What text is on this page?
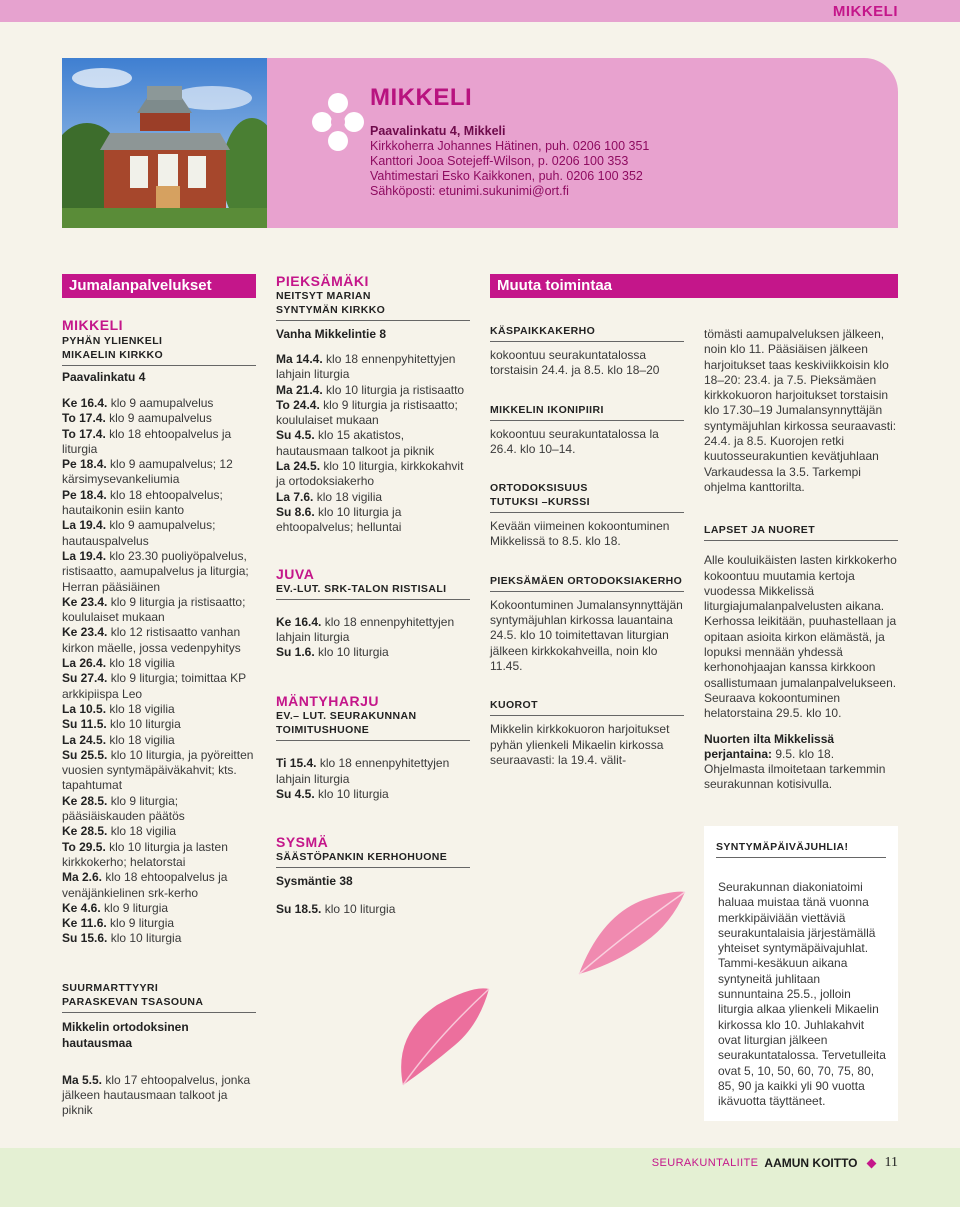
MIKKELI
MIKKELI
Paavalinkatu 4, Mikkeli
Kirkkoherra Johannes Hätinen, puh. 0206 100 351
Kanttori Jooa Sotejeff-Wilson, p. 0206 100 353
Vahtimestari Esko Kaikkonen, puh. 0206 100 352
Sähköposti: etunimi.sukunimi@ort.fi
Jumalanpalvelukset
MIKKELI
PYHÄN YLIENKELI
MIKAELIN KIRKKO
Paavalinkatu 4

Ke 16.4. klo 9 aamupalvelus

To 17.4. klo 9 aamupalvelus

To 17.4. klo 18 ehtoopalvelus ja liturgia

Pe 18.4. klo 9 aamupalvelus; 12 kärsimysevankeliumia

Pe 18.4. klo 18 ehtoopalvelus; hautaikonin esiin kanto

La 19.4. klo 9 aamupalvelus; hautauspalvelus

La 19.4. klo 23.30 puoliyöpalvelus, ristisaatto, aamupalvelus ja liturgia; Herran pääsiäinen

Ke 23.4. klo 9 liturgia ja ristisaatto; koululaiset mukaan

Ke 23.4. klo 12 ristisaatto vanhan kirkon mäelle, jossa vedenpyhitys

La 26.4. klo 18 vigilia

Su 27.4. klo 9 liturgia; toimittaa KP arkkipiispa Leo

La 10.5. klo 18 vigilia

Su 11.5. klo 10 liturgia

La 24.5. klo 18 vigilia

Su 25.5. klo 10 liturgia, ja pyöreitten vuosien syntymäpäiväkahvit; kts. tapahtumat

Ke 28.5. klo 9 liturgia; pääsiäiskauden päätös

Ke 28.5. klo 18 vigilia

To 29.5. klo 10 liturgia ja lasten kirkkokerho; helatorstai

Ma 2.6. klo 18 ehtoopalvelus ja venäjänkielinen srk-kerho

Ke 4.6. klo 9 liturgia

Ke 11.6. klo 9 liturgia

Su 15.6. klo 10 liturgia

SUURMARTTYYRI
PARASKEVAN TSASOUNA
Mikkelin ortodoksinen hautausmaa

Ma 5.5. klo 17 ehtoopalvelus, jonka jälkeen hautausmaan talkoot ja piknik

PIEKSÄMÄKI
NEITSYT MARIAN
SYNTYMÄN KIRKKO
Vanha Mikkelintie 8

Ma 14.4. klo 18 ennenpyhitettyjen lahjain liturgia

Ma 21.4. klo 10 liturgia ja ristisaatto

To 24.4. klo 9 liturgia ja ristisaatto; koululaiset mukaan

Su 4.5. klo 15 akatistos, hautausmaan talkoot ja piknik

La 24.5. klo 10 liturgia, kirkkokahvit ja ortodoksiakerho

La 7.6. klo 18 vigilia

Su 8.6. klo 10 liturgia ja ehtoopalvelus; helluntai

JUVA
EV.-LUT. SRK-TALON RISTISALI

Ke 16.4. klo 18 ennenpyhitettyjen lahjain liturgia

Su 1.6. klo 10 liturgia

MÄNTYHARJU
EV.– LUT. SEURAKUNNAN
TOIMITUSHUONE

Ti 15.4. klo 18 ennenpyhitettyjen lahjain liturgia

Su 4.5. klo 10 liturgia

SYSMÄ
SÄÄSTÖPANKIN KERHOHUONE
Sysmäntie 38

Su 18.5. klo 10 liturgia

Muuta toimintaa
KÄSPAIKKAKERHO
kokoontuu seurakuntatalossa torstaisin 24.4. ja 8.5. klo 18–20
MIKKELIN IKONIPIIRI
kokoontuu seurakuntatalossa la 26.4. klo 10–14.
ORTODOKSISUUS
TUTUKSI –KURSSI
Kevään viimeinen kokoontuminen Mikkelissä to 8.5. klo 18.
PIEKSÄMÄEN ORTODOKSIAKERHO
Kokoontuminen Jumalansynnyttäjän syntymäjuhlan kirkossa lauantaina 24.5. klo 10 toimitettavan liturgian jälkeen kirkkokahveilla, noin klo 11.45.
KUOROT
Mikkelin kirkkokuoron harjoitukset pyhän ylienkeli Mikaelin kirkossa seuraavasti: la 19.4. välit-
tömästi aamupalveluksen jälkeen, noin klo 11. Pääsiäisen jälkeen harjoitukset taas keskiviikkoisin klo 18–20: 23.4. ja 7.5. Pieksämäen kirkkokuoron harjoitukset torstaisin klo 17.30–19 Jumalansynnyttäjän syntymäjuhlan kirkossa seuraavasti: 24.4. ja 8.5. Kuorojen retki kuutosseurakuntien kevätjuhlaan Varkaudessa la 3.5. Tarkempi ohjelma kanttorilta.
LAPSET JA NUORET
Alle kouluikäisten lasten kirkkokerho kokoontuu muutamia kertoja vuodessa Mikkelissä liturgiajumalanpalvelusten aikana. Kerhossa leikitään, puuhastellaan ja opitaan asioita kirkon elämästä, ja lopuksi mennään yhdessä kerhonohjaajan kanssa kirkkoon osallistumaan jumalanpalvelukseen. Seuraava kokoontuminen helatorstaina 29.5. klo 10.
Nuorten ilta Mikkelissä perjantaina: 9.5. klo 18. Ohjelmasta ilmoitetaan tarkemmin seurakunnan kotisivulla.
SYNTYMÄPÄIVÄJUHLIA!
Seurakunnan diakoniatoimi haluaa muistaa tänä vuonna merkkipäiviään viettäviä seurakuntalaisia järjestämällä yhteiset syntymäpäivajuhlat. Tammi-kesäkuun aikana syntyneitä juhlitaan sunnuntaina 25.5., jolloin liturgia alkaa ylienkeli Mikaelin kirkossa klo 10. Juhlakahvit ovat liturgian jälkeen seurakuntatalossa. Tervetulleita ovat 5, 10, 50, 60, 70, 75, 80, 85, 90 ja kaikki yli 90 vuotta ikävuotta täyttäneet.
SEURAKUNTALIITE AAMUN KOITTO 11
